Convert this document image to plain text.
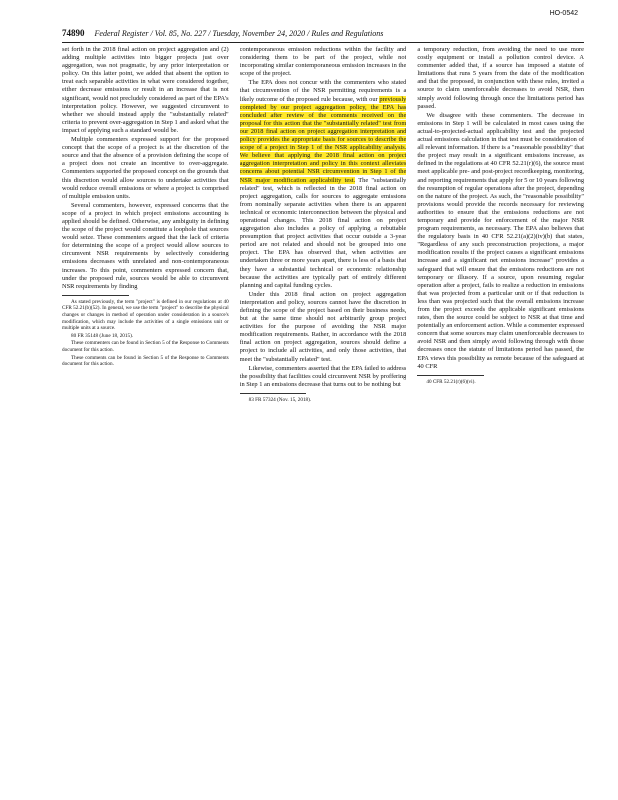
HO-0542
74890 Federal Register / Vol. 85, No. 227 / Tuesday, November 24, 2020 / Rules and Regulations

set forth in the 2018 final action on project aggregation and (2) adding multiple activities into bigger projects just over aggregation, was not pragmatic, by any prior interpretation or policy. On this latter point, we added that absent the option to treat each separable activities in what were considered together, either decrease emissions or result in an increase that is not significant, would not precludely considered as part of the EPA's interpretation policy. However, we suggested circumvent to whether we should instead apply the "substantially related" criteria to prevent over-aggregation in Step 1 and asked what the impact of applying such a standard would be.

Multiple commenters expressed support for the proposed concept that the scope of a project is at the discretion of the source and that the absence of a provision defining the scope of a project does not create an incentive to over-aggregate. Commenters supported the proposed concept on the grounds that this discretion would allow sources to undertake activities that would reduce overall emissions or where a project is comprised of multiple emission units.

Several commenters, however, expressed concerns that the scope of a project in which project emissions accounting is applied should be defined. Otherwise, any ambiguity in defining the scope of the project would constitute a loophole that sources would seize. These commenters argued that the lack of criteria for determining the scope of a project would allow sources to circumvent NSR requirements by selectively considering emissions decreases with unrelated and non-contemporaneous increases. To this point, commenters expressed concern that, under the proposed rule, sources would be able to circumvent NSR requirements by finding

As stated previously, the term "project" is defined in our regulations at 40 CFR 52.21(b)(52). In general, we use the term "project" to describe the physical changes or changes in method of operation under consideration in a source's modification, which may include the activities of a single emissions unit or multiple units at a source.

80 FR 35148 (June 18, 2015).

These commenters can be found in Section 5 of the Response to Comments document for this action.

These comments can be found in Section 5 of the Response to Comments document for this action.

contemporaneous emission reductions within the facility and considering them to be part of the project, while not incorporating similar contemporaneous emission increases in the scope of the project.

The EPA does not concur with the commenters who stated that circumvention of the NSR permitting requirements is a likely outcome of the proposed rule because, with our previously completed by our project aggregation policy, the EPA has concluded after review of the comments received on the proposal for this action that the "substantially related" test from our 2018 final action on project aggregation interpretation and policy provides the appropriate basis for sources to describe the scope of a project in Step 1 of the NSR applicability analysis. We believe that applying the 2018 final action on project aggregation interpretation and policy in this context alleviates concerns about potential NSR circumvention in Step 1 of the NSR major modification applicability test. The "substantially related" test, which is reflected in the 2018 final action on project aggregation, calls for sources to aggregate emissions from nominally separate activities when there is an apparent technical or economic interconnection between the physical and operational changes. This 2018 final action on project aggregation also includes a policy of applying a rebuttable presumption that project activities that occur outside a 3-year period are not related and should not be grouped into one project. The EPA has observed that, when activities are undertaken three or more years apart, there is less of a basis that they have a substantial technical or economic relationship because the activities are typically part of entirely different planning and capital funding cycles.

Under this 2018 final action on project aggregation interpretation and policy, sources cannot have the discretion in defining the scope of the project based on their business needs, but at the same time should not arbitrarily group project activities for the purpose of avoiding the NSR major modification requirements. Rather, in accordance with the 2018 final action on project aggregation, sources should define a project to include all activities, and only those activities, that meet the "substantially related" test.

Likewise, commenters asserted that the EPA failed to address the possibility that facilities could circumvent NSR by proffering in Step 1 an emissions decrease that turns out to be nothing but

83 FR 57324 (Nov. 15, 2018).

a temporary reduction, from avoiding the need to use more costly equipment or install a pollution control device. A commenter added that, if a source has imposed a statute of limitations that runs 5 years from the date of the modification and that the proposed, in conjunction with these rules, invited a source to claim unenforceable decreases to avoid NSR, then simply avoid following through once the limitations period has passed.

We disagree with these commenters. The decrease in emissions in Step 1 will be calculated in most cases using the actual-to-projected-actual applicability test and the projected actual emissions calculation in that test must be consideration of all relevant information. If there is a "reasonable possibility" that the project may result in a significant emissions increase, as defined in the regulations at 40 CFR 52.21(r)(6), the source must meet applicable pre- and post-project recordkeeping, monitoring, and reporting requirements that apply for 5 or 10 years following the resumption of regular operations after the project, depending on the nature of the project. As such, the "reasonable possibility" provisions would provide the records necessary for reviewing authorities to ensure that the emissions reductions are not temporary and provide for enforcement of the major NSR program requirements, as necessary. The EPA also believes that the regulatory basis in 40 CFR 52.21(a)(2)(iv)(b) that states, "Regardless of any such preconstruction projections, a major modification results if the project causes a significant emissions increase and a significant net emissions increase" provides a safeguard that will ensure that the emissions reductions are not temporary or illusory. If a source, upon resuming regular operation after a project, fails to realize a reduction in emissions that was projected from a particular unit or if that reduction is less than was projected such that the overall emissions increase from the project exceeds the applicable significant emissions rates, then the source could be subject to NSR at that time and potentially an enforcement action. While a commenter expressed concern that some sources may claim unenforceable decreases to avoid NSR and then simply avoid following through with those decreases once the statute of limitations period has passed, the EPA views this possibility as remote because of the safeguard at 40 CFR

40 CFR 52.21(r)(6)(vi).
